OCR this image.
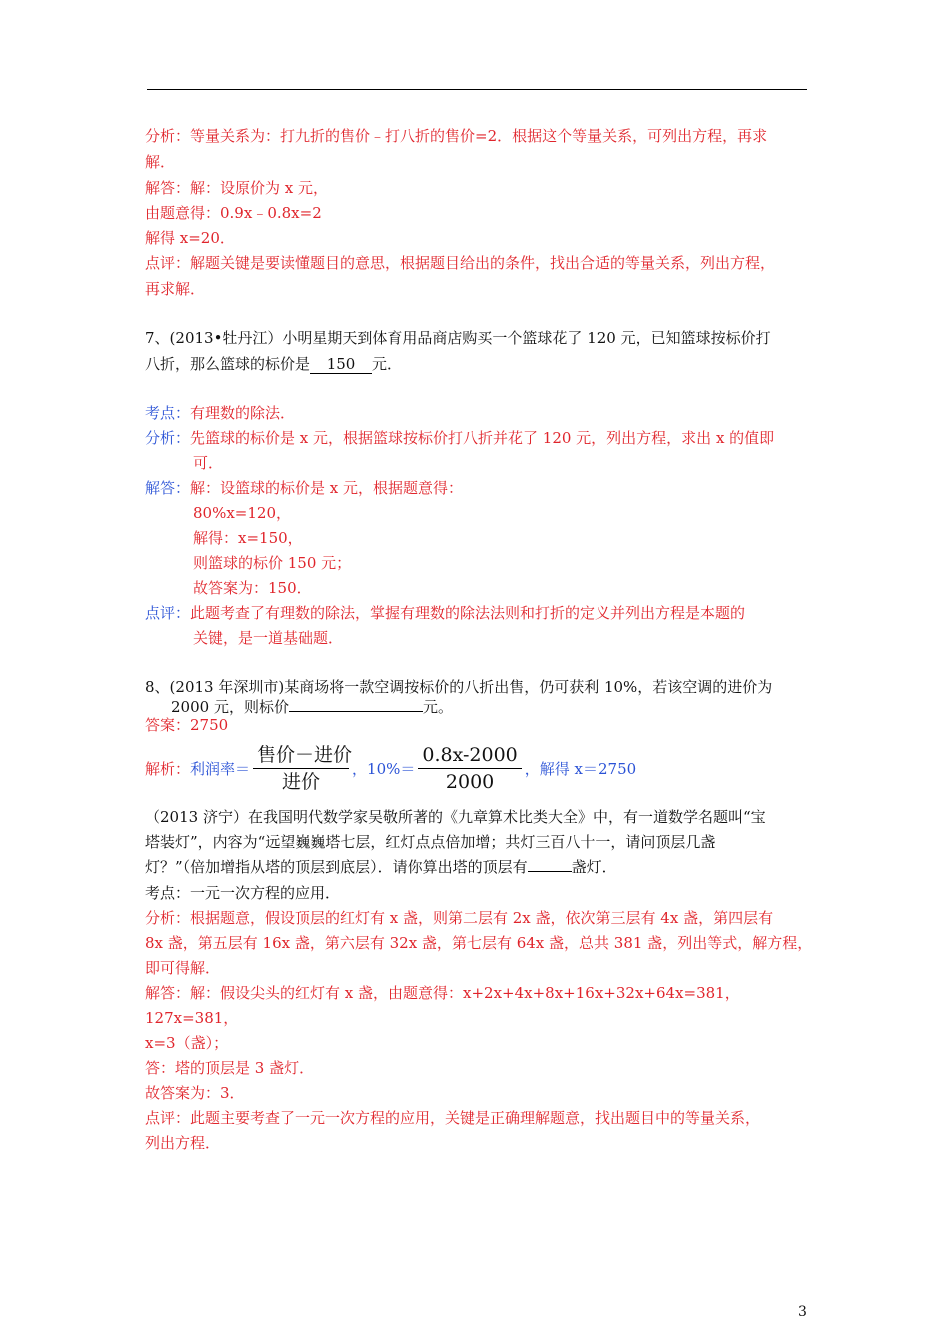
分析：等量关系为：打九折的售价﹣打八折的售价=2．根据这个等量关系，可列出方程，再求
解．
解答：解：设原价为 x 元，
由题意得：0.9x﹣0.8x=2
解得 x=20．
点评：解题关键是要读懂题目的意思，根据题目给出的条件，找出合适的等量关系，列出方程，
再求解．
7、(2013•牡丹江）小明星期天到体育用品商店购买一个篮球花了 120 元，已知篮球按标价打
八折，那么篮球的标价是 150 元．
考点：有理数的除法．
分析：先篮球的标价是 x 元，根据篮球按标价打八折并花了 120 元，列出方程，求出 x 的值即
可．
解答：解：设篮球的标价是 x 元，根据题意得：
80%x=120，
解得：x=150，
则篮球的标价 150 元；
故答案为：150．
点评：此题考查了有理数的除法，掌握有理数的除法法则和打折的定义并列出方程是本题的
关键，是一道基础题．
8、(2013 年深圳市)某商场将一款空调按标价的八折出售，仍可获利 10%，若该空调的进价为
2000 元，则标价	元。
答案：2750
解析： 利润率＝ $\frac{\text{售价－进价}}{\text{进价}}$ ， $10\%= \frac{0.8x-2000}{2000}$ ， 解得 x＝2750
（2013 济宁）在我国明代数学家吴敬所著的《九章算术比类大全》中，有一道数学名题叫“宝
塔装灯”，内容为“远望巍巍塔七层，红灯点点倍加增；共灯三百八十一，请问顶层几盏
灯？”（倍加增指从塔的顶层到底层）．请你算出塔的顶层有	盏灯．
考点：一元一次方程的应用．
分析：根据题意，假设顶层的红灯有 x 盏，则第二层有 2x 盏，依次第三层有 4x 盏，第四层有
8x 盏，第五层有 16x 盏，第六层有 32x 盏，第七层有 64x 盏，总共 381 盏，列出等式，解方程，
即可得解．
解答：解：假设尖头的红灯有 x 盏，由题意得：x+2x+4x+8x+16x+32x+64x=381，
127x=381，
x=3（盏）；
答：塔的顶层是 3 盏灯．
故答案为：3．
点评：此题主要考查了一元一次方程的应用，关键是正确理解题意，找出题目中的等量关系，
列出方程．
3
